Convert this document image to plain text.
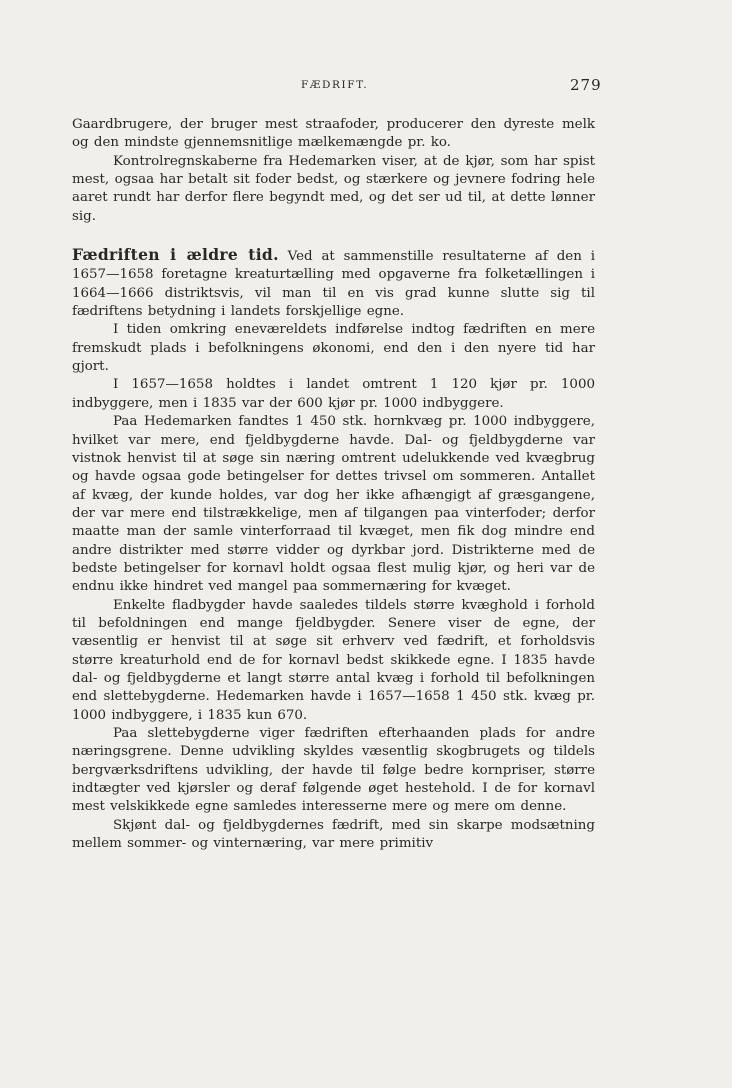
FÆDRIFT.	279

Gaardbrugere, der bruger mest straafoder, producerer den dyreste melk og den mindste gjennemsnitlige mælkemængde pr. ko.

Kontrolregnskaberne fra Hedemarken viser, at de kjør, som har spist mest, ogsaa har betalt sit foder bedst, og stærkere og jevnere fodring hele aaret rundt har derfor flere begyndt med, og det ser ud til, at dette lønner sig.

Fædriften i ældre tid. Ved at sammenstille resultaterne af den i 1657—1658 foretagne kreaturtælling med opgaverne fra folketællingen i 1664—1666 distriktsvis, vil man til en vis grad kunne slutte sig til fædriftens betydning i landets forskjellige egne.

I tiden omkring eneværeldets indførelse indtog fædriften en mere fremskudt plads i befolkningens økonomi, end den i den nyere tid har gjort.

I 1657—1658 holdtes i landet omtrent 1 120 kjør pr. 1000 indbyggere, men i 1835 var der 600 kjør pr. 1000 indbyggere.

Paa Hedemarken fandtes 1 450 stk. hornkvæg pr. 1000 indbyggere, hvilket var mere, end fjeldbygderne havde. Dal- og fjeldbygderne var vistnok henvist til at søge sin næring omtrent udelukkende ved kvægbrug og havde ogsaa gode betingelser for dettes trivsel om sommeren. Antallet af kvæg, der kunde holdes, var dog her ikke afhængigt af græsgangene, der var mere end tilstrækkelige, men af tilgangen paa vinterfoder; derfor maatte man der samle vinterforraad til kvæget, men fik dog mindre end andre distrikter med større vidder og dyrkbar jord. Distrikterne med de bedste betingelser for kornavl holdt ogsaa flest mulig kjør, og heri var de endnu ikke hindret ved mangel paa sommernæring for kvæget.

Enkelte fladbygder havde saaledes tildels større kvæghold i forhold til befoldningen end mange fjeldbygder. Senere viser de egne, der væsentlig er henvist til at søge sit erhverv ved fædrift, et forholdsvis større kreaturhold end de for kornavl bedst skikkede egne. I 1835 havde dal- og fjeldbygderne et langt større antal kvæg i forhold til befolkningen end slettebygderne. Hedemarken havde i 1657—1658 1 450 stk. kvæg pr. 1000 indbyggere, i 1835 kun 670.

Paa slettebygderne viger fædriften efterhaanden plads for andre næringsgrene. Denne udvikling skyldes væsentlig skogbrugets og tildels bergværksdriftens udvikling, der havde til følge bedre kornpriser, større indtægter ved kjørsler og deraf følgende øget hestehold. I de for kornavl mest velskikkede egne samledes interesserne mere og mere om denne.

Skjønt dal- og fjeldbygdernes fædrift, med sin skarpe modsætning mellem sommer- og vinternæring, var mere primitiv
